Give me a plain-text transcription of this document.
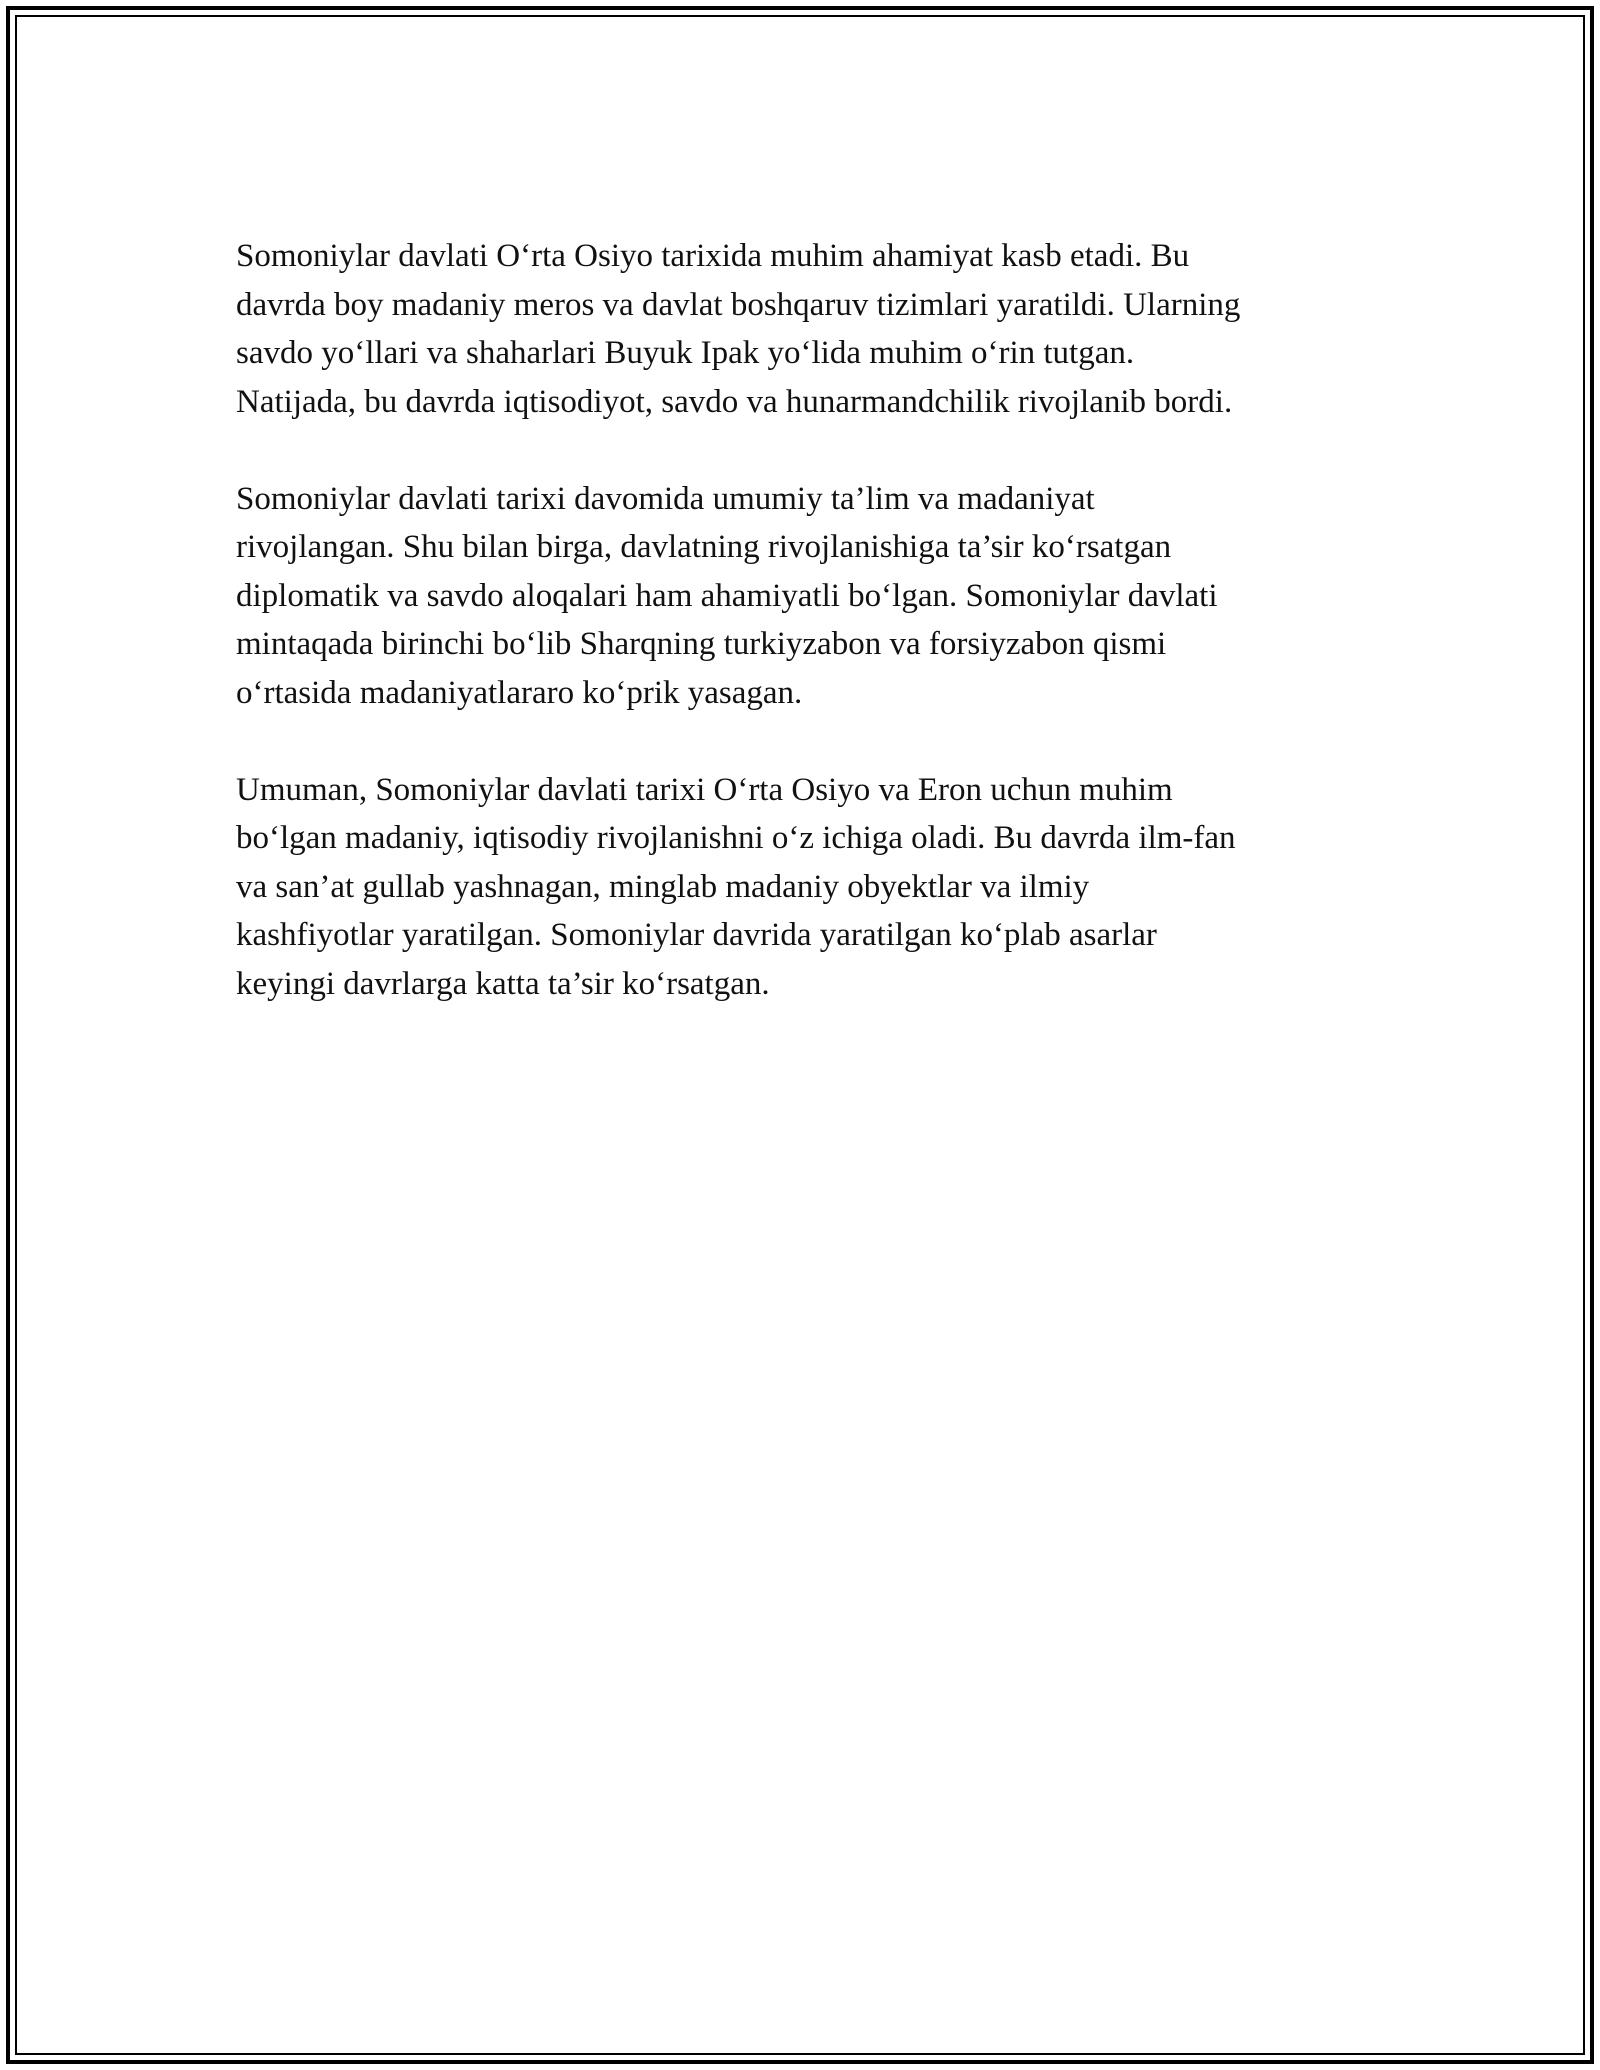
Somoniylar davlati O‘rta Osiyo tarixida muhim ahamiyat kasb etadi. Bu
davrda boy madaniy meros va davlat boshqaruv tizimlari yaratildi. Ularning
savdo yo‘llari va shaharlari Buyuk Ipak yo‘lida muhim o‘rin tutgan.
Natijada, bu davrda iqtisodiyot, savdo va hunarmandchilik rivojlanib bordi.

Somoniylar davlati tarixi davomida umumiy ta’lim va madaniyat
rivojlangan. Shu bilan birga, davlatning rivojlanishiga ta’sir ko‘rsatgan
diplomatik va savdo aloqalari ham ahamiyatli bo‘lgan. Somoniylar davlati
mintaqada birinchi bo‘lib Sharqning turkiyzabon va forsiyzabon qismi
o‘rtasida madaniyatlararo ko‘prik yasagan.

Umuman, Somoniylar davlati tarixi O‘rta Osiyo va Eron uchun muhim
bo‘lgan madaniy, iqtisodiy rivojlanishni o‘z ichiga oladi. Bu davrda ilm-fan
va san’at gullab yashnagan, minglab madaniy obyektlar va ilmiy
kashfiyotlar yaratilgan. Somoniylar davrida yaratilgan ko‘plab asarlar
keyingi davrlarga katta ta’sir ko‘rsatgan.
